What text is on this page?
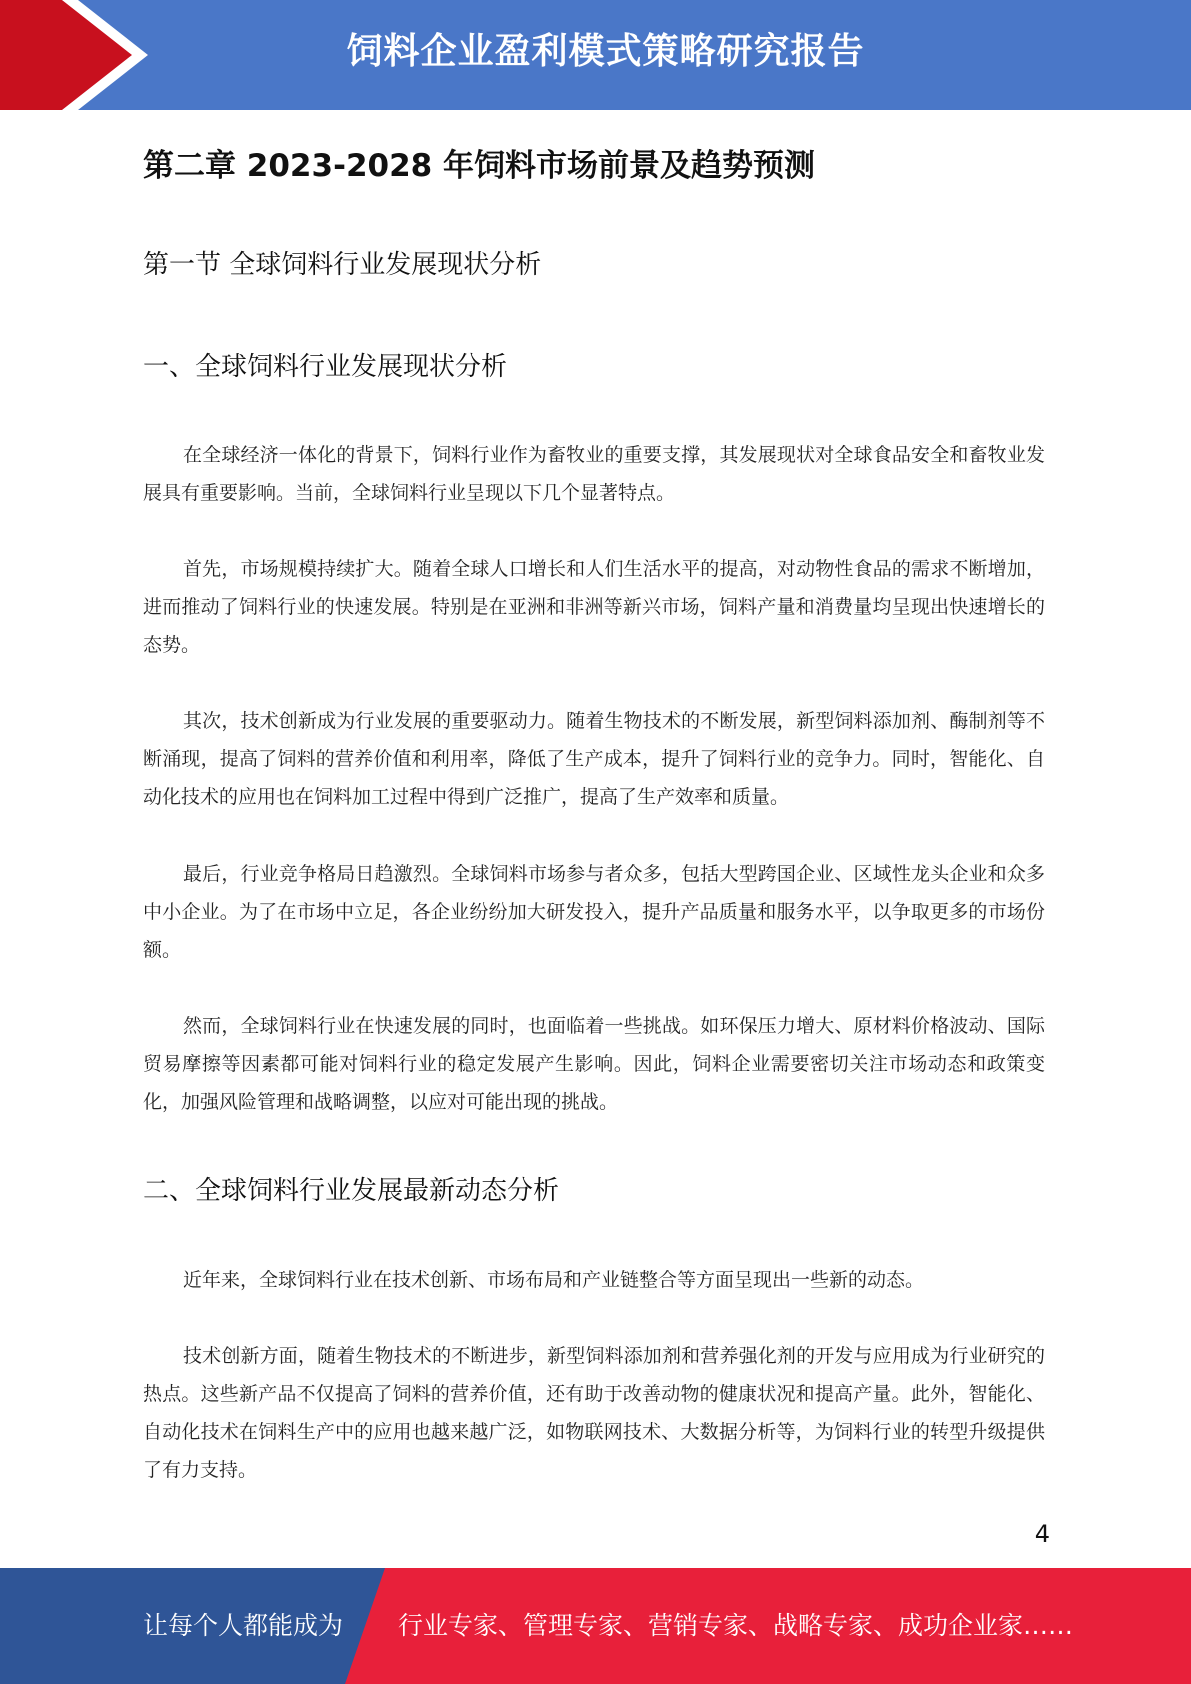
饲料企业盈利模式策略研究报告
第二章 2023-2028 年饲料市场前景及趋势预测
第一节 全球饲料行业发展现状分析
一、全球饲料行业发展现状分析

在全球经济一体化的背景下，饲料行业作为畜牧业的重要支撑，其发展现状对全球食品安全和畜牧业发展具有重要影响。当前，全球饲料行业呈现以下几个显著特点。

首先，市场规模持续扩大。随着全球人口增长和人们生活水平的提高，对动物性食品的需求不断增加，进而推动了饲料行业的快速发展。特别是在亚洲和非洲等新兴市场，饲料产量和消费量均呈现出快速增长的态势。

其次，技术创新成为行业发展的重要驱动力。随着生物技术的不断发展，新型饲料添加剂、酶制剂等不断涌现，提高了饲料的营养价值和利用率，降低了生产成本，提升了饲料行业的竞争力。同时，智能化、自动化技术的应用也在饲料加工过程中得到广泛推广，提高了生产效率和质量。

最后，行业竞争格局日趋激烈。全球饲料市场参与者众多，包括大型跨国企业、区域性龙头企业和众多中小企业。为了在市场中立足，各企业纷纷加大研发投入，提升产品质量和服务水平，以争取更多的市场份额。

然而，全球饲料行业在快速发展的同时，也面临着一些挑战。如环保压力增大、原材料价格波动、国际贸易摩擦等因素都可能对饲料行业的稳定发展产生影响。因此，饲料企业需要密切关注市场动态和政策变化，加强风险管理和战略调整，以应对可能出现的挑战。

二、全球饲料行业发展最新动态分析

近年来，全球饲料行业在技术创新、市场布局和产业链整合等方面呈现出一些新的动态。

技术创新方面，随着生物技术的不断进步，新型饲料添加剂和营养强化剂的开发与应用成为行业研究的热点。这些新产品不仅提高了饲料的营养价值，还有助于改善动物的健康状况和提高产量。此外，智能化、自动化技术在饲料生产中的应用也越来越广泛，如物联网技术、大数据分析等，为饲料行业的转型升级提供了有力支持。

4
让每个人都能成为 行业专家、管理专家、营销专家、战略专家、成功企业家……
